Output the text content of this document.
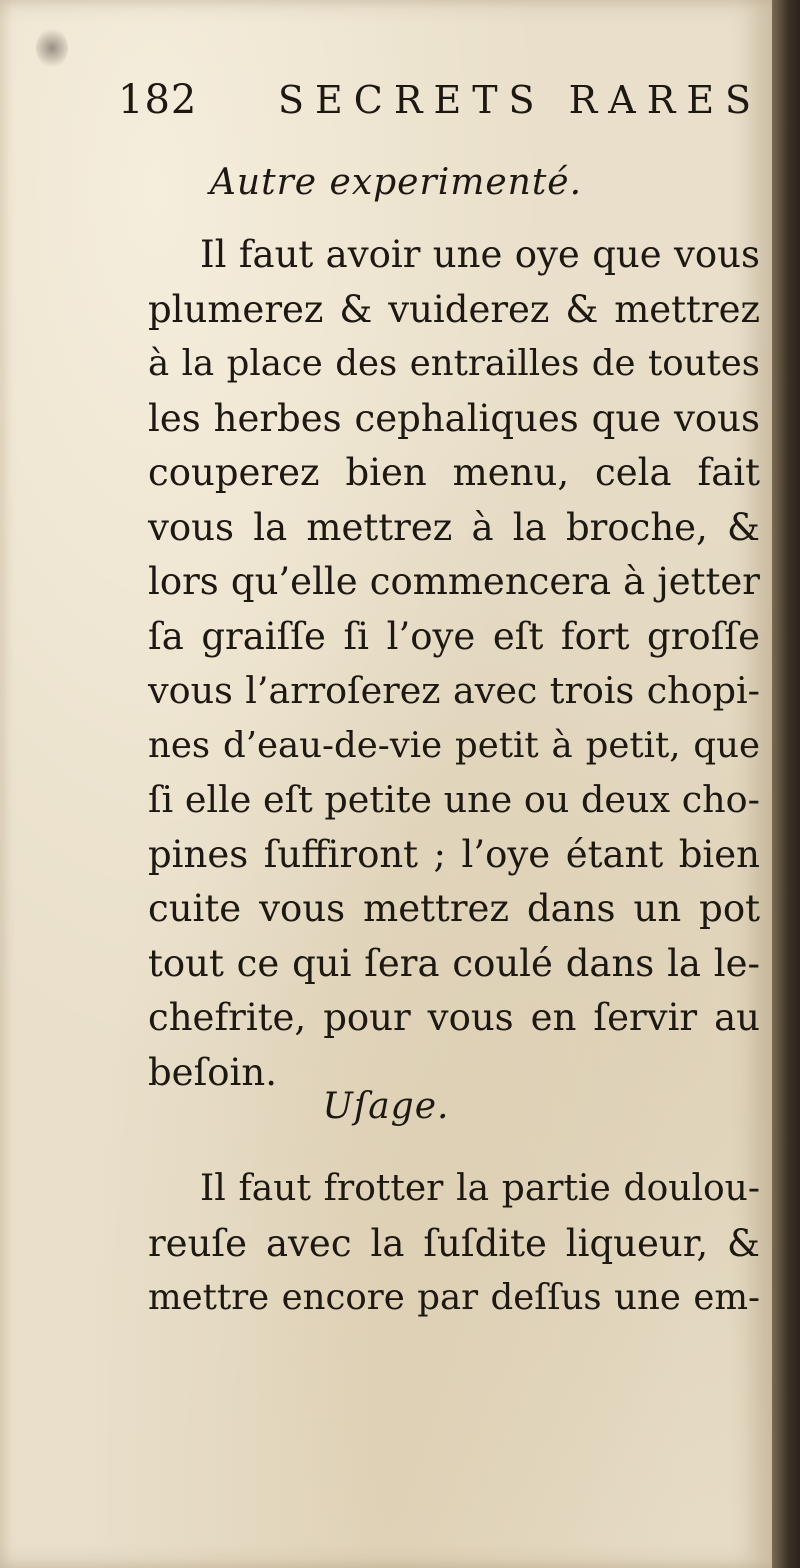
182 SECRETS RARES
Autre experimenté.
Il faut avoir une oye que vous
plumerez & vuiderez & mettrez
à la place des entrailles de toutes
les herbes cephaliques que vous
couperez bien menu, cela fait
vous la mettrez à la broche, &
lors qu’elle commencera à jetter
ſa graiſſe ſi l’oye eſt fort groſſe
vous l’arroſerez avec trois chopi-
nes d’eau-de-vie petit à petit, que
ſi elle eſt petite une ou deux cho-
pines ſuffiront ; l’oye étant bien
cuite vous mettrez dans un pot
tout ce qui ſera coulé dans la le-
chefrite, pour vous en ſervir au
beſoin.
Uſage.
Il faut frotter la partie doulou-
reuſe avec la ſuſdite liqueur, &
mettre encore par deſſus une em-
